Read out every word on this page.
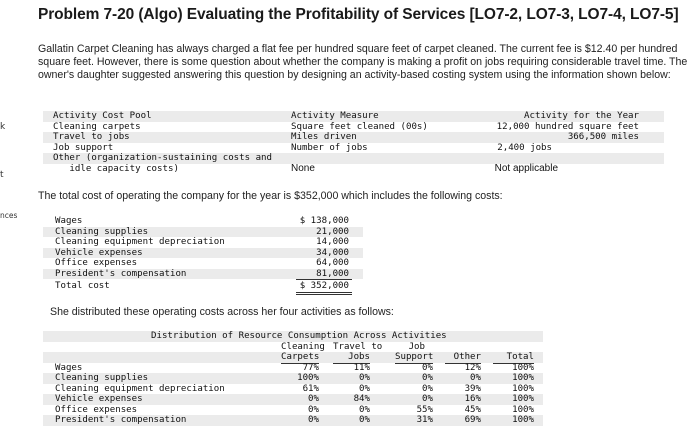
k
t
nces
Problem 7-20 (Algo) Evaluating the Profitability of Services [LO7-2, LO7-3, LO7-4, LO7-5]
Gallatin Carpet Cleaning has always charged a flat fee per hundred square feet of carpet cleaned. The current fee is $12.40 per hundred square feet. However, there is some question about whether the company is making a profit on jobs requiring considerable travel time. The owner's daughter suggested answering this question by designing an activity-based costing system using the information shown below:
Activity Cost Pool	Activity Measure	Activity for the Year
Cleaning carpets	Square feet cleaned (00s)	12,000 hundred square feet
Travel to jobs	Miles driven	366,500 miles
Job support	Number of jobs	2,400 jobs
Other (organization-sustaining costs and
idle capacity costs)	None	Not applicable
The total cost of operating the company for the year is $352,000 which includes the following costs:
Wages	$ 138,000
Cleaning supplies	21,000
Cleaning equipment depreciation	14,000
Vehicle expenses	34,000
Office expenses	64,000
President's compensation	81,000
Total cost	$ 352,000
She distributed these operating costs across her four activities as follows:
Distribution of Resource Consumption Across Activities
Cleaning Travel to	Job
Carpets	Jobs	Support	Other	Total
Wages	77%	11%	0%	12%	100%
Cleaning supplies	100%	0%	0%	0%	100%
Cleaning equipment depreciation	61%	0%	0%	39%	100%
Vehicle expenses	0%	84%	0%	16%	100%
Office expenses	0%	0%	55%	45%	100%
President's compensation	0%	0%	31%	69%	100%
